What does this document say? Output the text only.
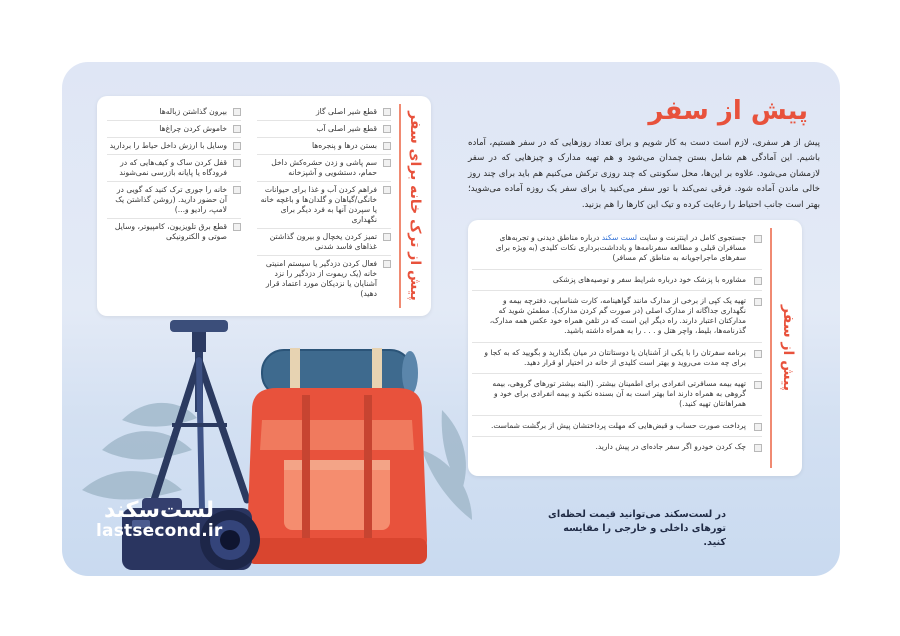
پیش از سفر
پیش از هر سفری، لازم است دست به کار شویم و برای تعداد روزهایی که در سفر هستیم، آماده باشیم. این آمادگی هم شامل بستن چمدان می‌شود و هم تهیه مدارک و چیزهایی که در سفر لازمشان می‌شود. علاوه بر این‌ها، محل سکونتی که چند روزی ترکش می‌کنیم هم باید برای چند روز خالی ماندن آماده شود. فرقی نمی‌کند با تور سفر می‌کنید یا برای سفر یک روزه آماده می‌شوید؛ بهتر است جانب احتیاط را رعایت کرده و تیک این کارها را هم بزنید.
پیش از ترک خانه برای سفر
قطع شیر اصلی گاز
قطع شیر اصلی آب
بستن درها و پنجره‌ها
سم پاشی و زدن حشره‌کش داخل حمام، دستشویی و آشپزخانه
فراهم کردن آب و غذا برای حیوانات خانگی‌/گیاهان و گلدان‌ها و باغچه خانه یا سپردن آنها به فرد دیگر برای نگهداری
تمیز کردن یخچال و بیرون گذاشتن غذاهای فاسد شدنی
فعال کردن دزدگیر یا سیستم امنیتی خانه (یک ریموت از دزدگیر را نزد آشنایان یا نزدیکان مورد اعتماد قرار دهید)
بیرون گذاشتن زباله‌ها
خاموش کردن چراغ‌ها
وسایل با ارزش داخل حیاط را بردارید
قفل کردن ساک و کیف‌هایی که در فرودگاه یا پایانه بازرسی نمی‌شوند
خانه را جوری ترک کنید که گویی در آن حضور دارید. (روشن گذاشتن یک لامپ، رادیو و...)
قطع برق تلویزیون، کامپیوتر، وسایل صوتی و الکترونیکی
پیش از سفر
جستجوی کامل در اینترنت و سایت لست سکند درباره مناطق دیدنی و تجربه‌های مسافران قبلی و مطالعه سفرنامه‌ها و یادداشت‌برداری نکات کلیدی (به ویژه برای سفرهای ماجراجویانه به مناطق کم مسافر)
مشاوره با پزشک خود درباره شرایط سفر و توصیه‌های پزشکی
تهیه یک کپی از برخی از مدارک مانند گواهینامه، کارت شناسایی، دفترچه بیمه و نگهداری جداگانه از مدارک اصلی (در صورت گم کردن مدارک). مطمئن شوید که مدارکتان اعتبار دارند. راه دیگر این است که در تلفن همراه خود عکس همه مدارک، گذرنامه‌ها، بلیط، واچر هتل و . . . را به همراه داشته باشید.
برنامه سفرتان را با یکی از آشنایان یا دوستانتان در میان بگذارید و بگویید که به کجا و برای چه مدت می‌روید و بهتر است کلیدی از خانه در اختیار او قرار دهید.
تهیه بیمه مسافرتی انفرادی برای اطمینان بیشتر. (البته بیشتر تورهای گروهی، بیمه گروهی به همراه دارند اما بهتر است به آن بسنده نکنید و بیمه انفرادی برای خود و همراهانتان تهیه کنید.)
پرداخت صورت حساب و قبض‌هایی که مهلت پرداختشان پیش از برگشت شماست.
چک کردن خودرو اگر سفر جاده‌ای در پیش دارید.
در لست‌سکند می‌توانید قیمت لحظه‌ای تورهای داخلی و خارجی را مقایسه کنید.
لست‌سکند
lastsecond.ir
